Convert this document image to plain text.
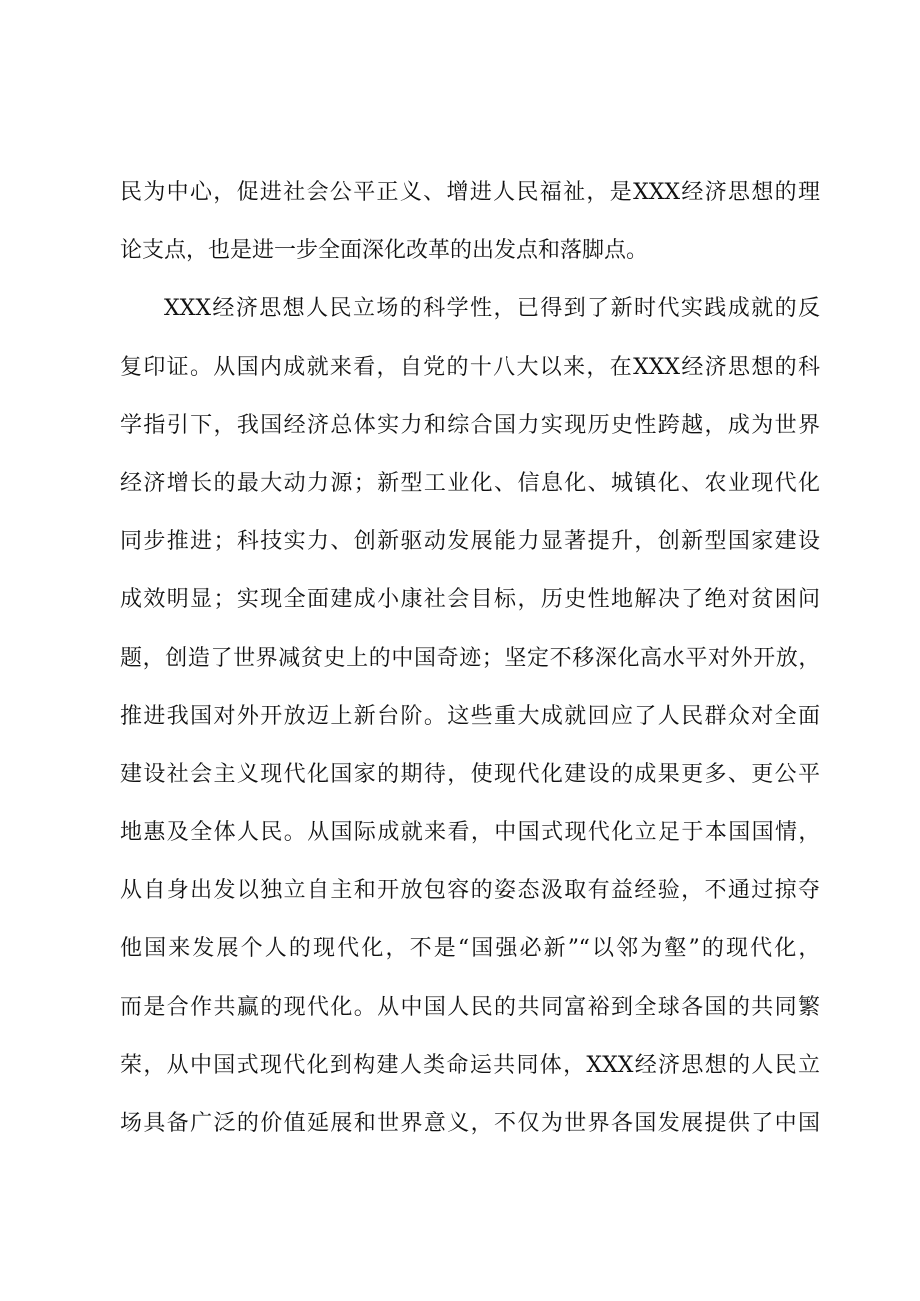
民为中心，促进社会公平正义、增进人民福祉，是XXX经济思想的理
论支点，也是进一步全面深化改革的出发点和落脚点。
XXX经济思想人民立场的科学性，已得到了新时代实践成就的反
复印证。从国内成就来看，自党的十八大以来，在XXX经济思想的科
学指引下，我国经济总体实力和综合国力实现历史性跨越，成为世界
经济增长的最大动力源；新型工业化、信息化、城镇化、农业现代化
同步推进；科技实力、创新驱动发展能力显著提升，创新型国家建设
成效明显；实现全面建成小康社会目标，历史性地解决了绝对贫困问
题，创造了世界减贫史上的中国奇迹；坚定不移深化高水平对外开放，
推进我国对外开放迈上新台阶。这些重大成就回应了人民群众对全面
建设社会主义现代化国家的期待，使现代化建设的成果更多、更公平
地惠及全体人民。从国际成就来看，中国式现代化立足于本国国情，
从自身出发以独立自主和开放包容的姿态汲取有益经验，不通过掠夺
他国来发展个人的现代化，不是“国强必新”“以邻为壑”的现代化，
而是合作共赢的现代化。从中国人民的共同富裕到全球各国的共同繁
荣，从中国式现代化到构建人类命运共同体，XXX经济思想的人民立
场具备广泛的价值延展和世界意义，不仅为世界各国发展提供了中国
